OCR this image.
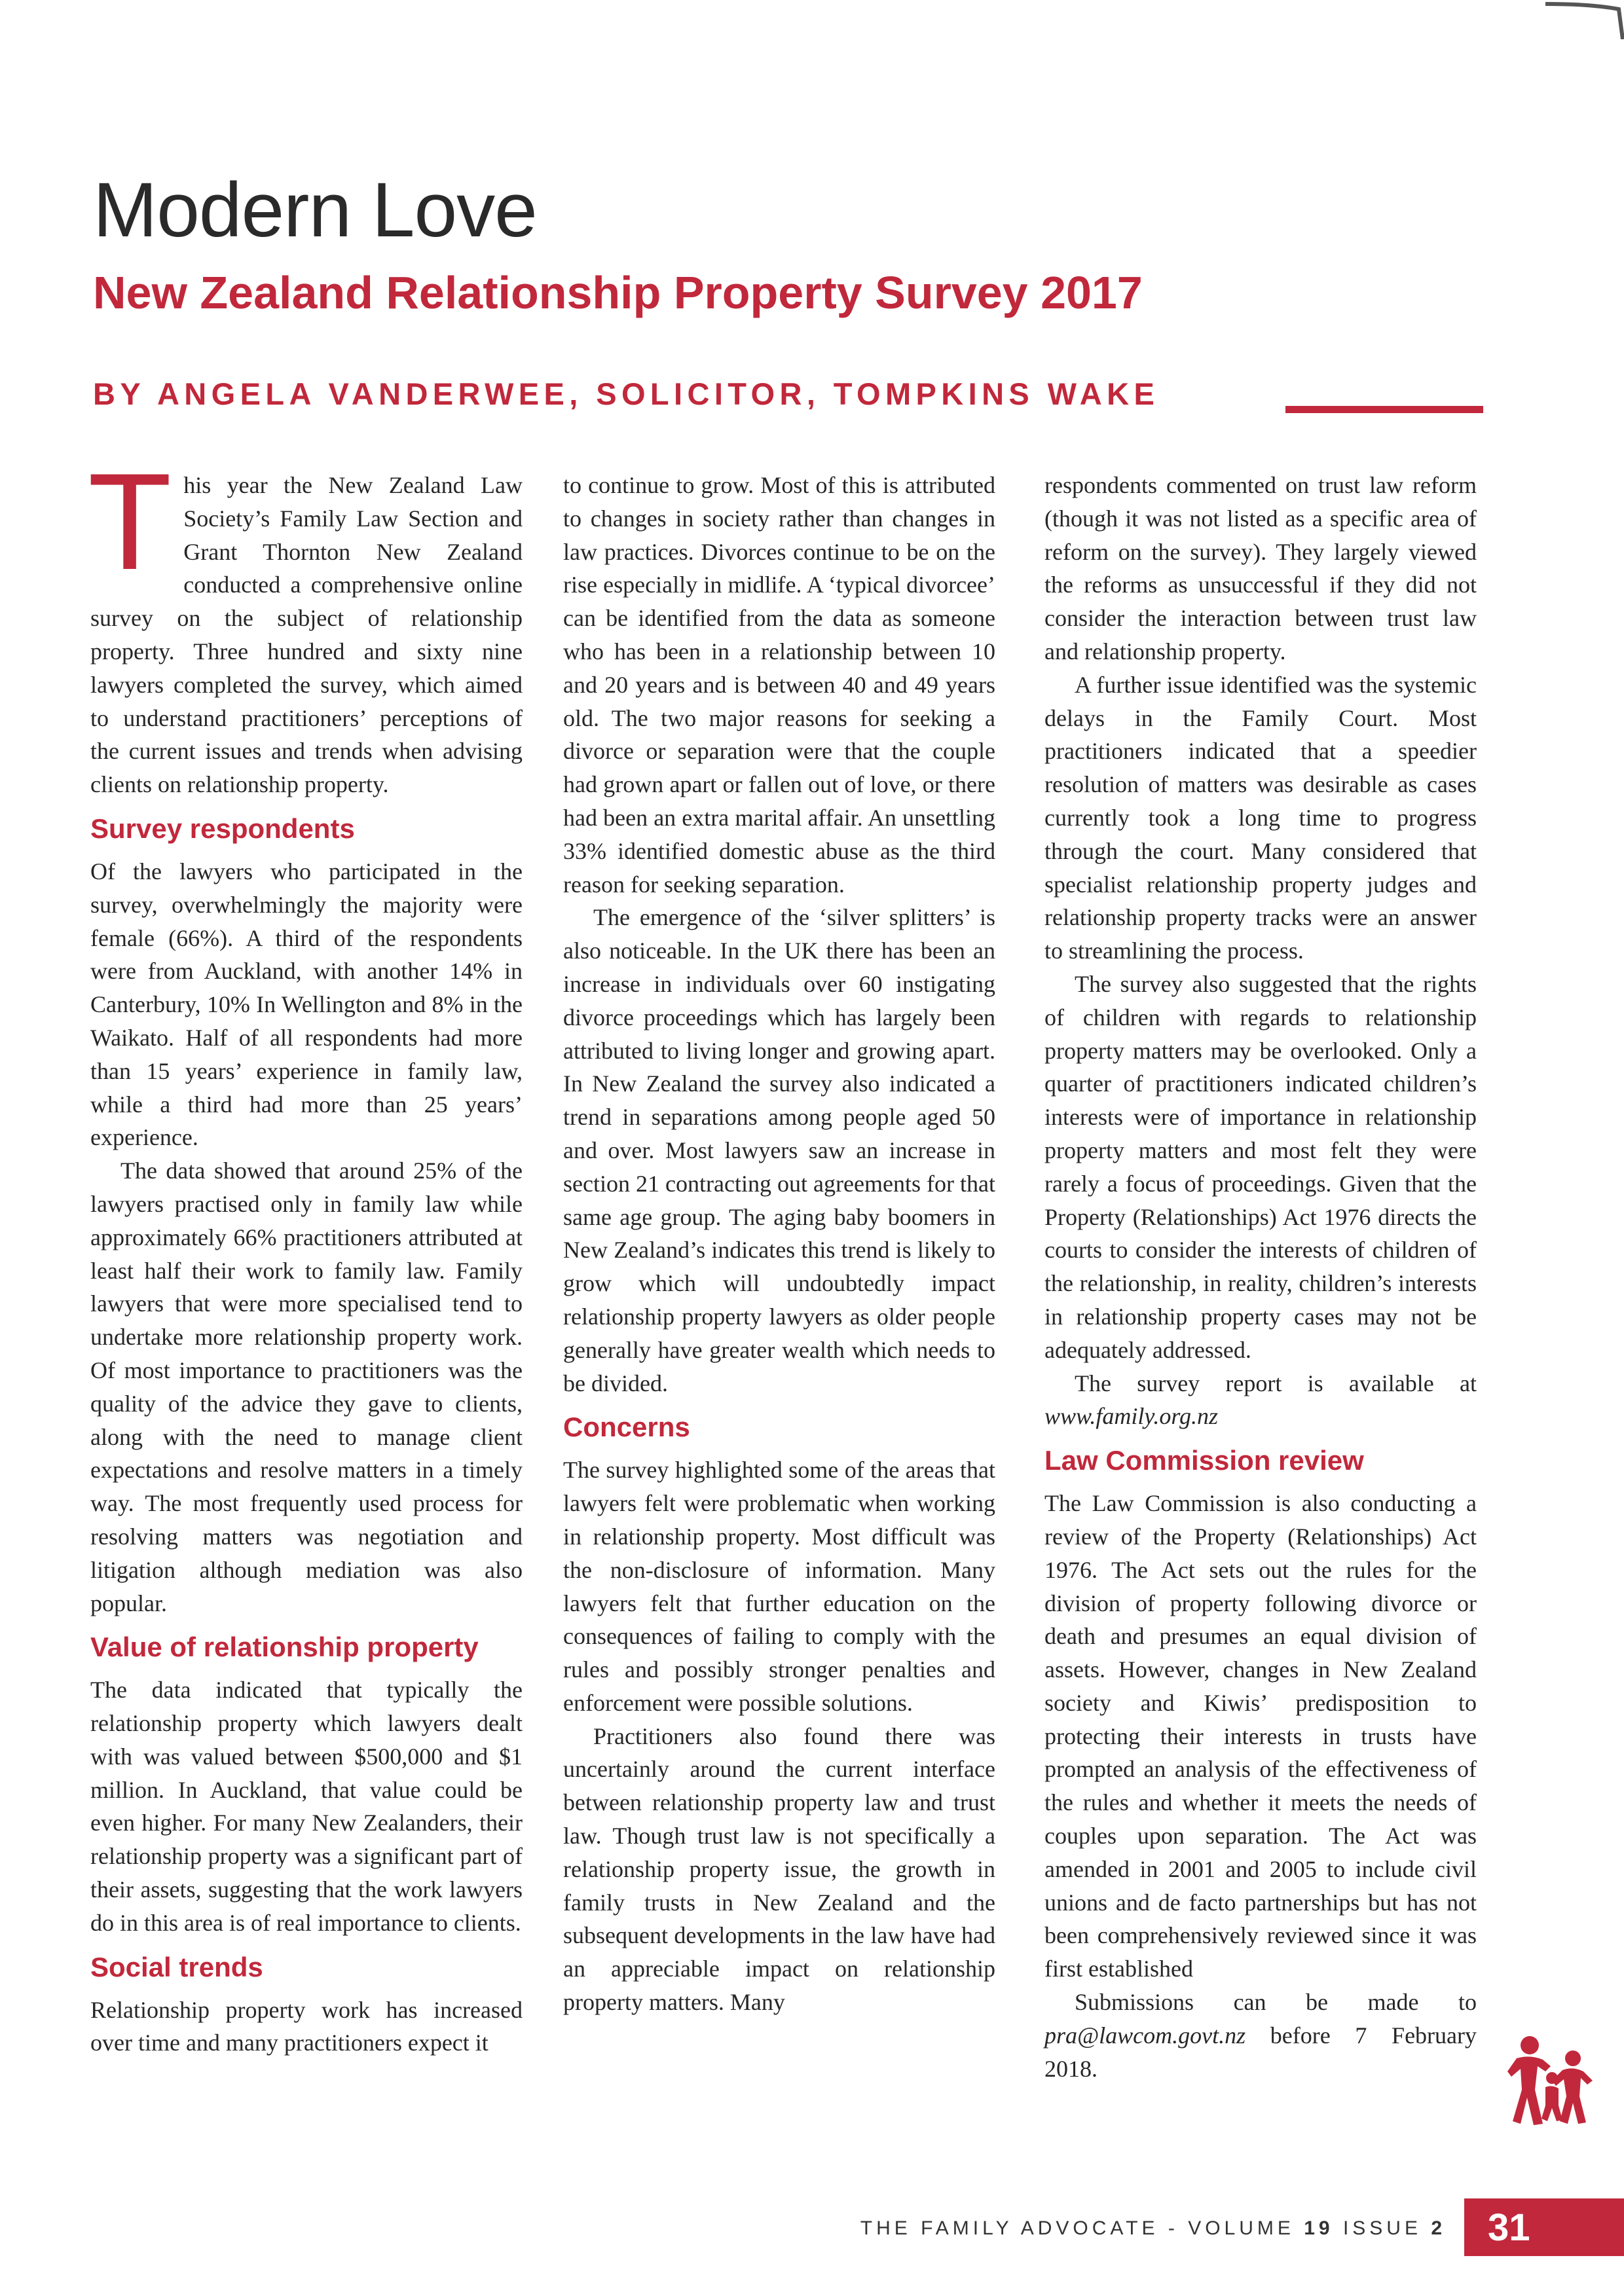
Modern Love
New Zealand Relationship Property Survey 2017
BY ANGELA VANDERWEE, SOLICITOR, TOMPKINS WAKE

This year the New Zealand Law Society’s Family Law Section and Grant Thornton New Zealand conducted a comprehensive online survey on the subject of relationship property. Three hundred and sixty nine lawyers completed the survey, which aimed to understand practitioners’ perceptions of the current issues and trends when advising clients on relationship property.

Survey respondents

Of the lawyers who participated in the survey, overwhelmingly the majority were female (66%). A third of the respondents were from Auckland, with another 14% in Canterbury, 10% In Wellington and 8% in the Waikato. Half of all respondents had more than 15 years’ experience in family law, while a third had more than 25 years’ experience.

The data showed that around 25% of the lawyers practised only in family law while approximately 66% practitioners attributed at least half their work to family law. Family lawyers that were more specialised tend to undertake more relationship property work. Of most importance to practitioners was the quality of the advice they gave to clients, along with the need to manage client expectations and resolve matters in a timely way. The most frequently used process for resolving matters was negotiation and litigation although mediation was also popular.

Value of relationship property

The data indicated that typically the relationship property which lawyers dealt with was valued between $500,000 and $1 million. In Auckland, that value could be even higher. For many New Zealanders, their relationship property was a significant part of their assets, suggesting that the work lawyers do in this area is of real importance to clients.

Social trends

Relationship property work has increased over time and many practitioners expect it

to continue to grow. Most of this is attributed to changes in society rather than changes in law practices. Divorces continue to be on the rise especially in midlife. A ‘typical divorcee’ can be identified from the data as someone who has been in a relationship between 10 and 20 years and is between 40 and 49 years old. The two major reasons for seeking a divorce or separation were that the couple had grown apart or fallen out of love, or there had been an extra marital affair. An unsettling 33% identified domestic abuse as the third reason for seeking separation.

The emergence of the ‘silver splitters’ is also noticeable. In the UK there has been an increase in individuals over 60 instigating divorce proceedings which has largely been attributed to living longer and growing apart. In New Zealand the survey also indicated a trend in separations among people aged 50 and over. Most lawyers saw an increase in section 21 contracting out agreements for that same age group. The aging baby boomers in New Zealand’s indicates this trend is likely to grow which will undoubtedly impact relationship property lawyers as older people generally have greater wealth which needs to be divided.

Concerns

The survey highlighted some of the areas that lawyers felt were problematic when working in relationship property. Most difficult was the non-disclosure of information. Many lawyers felt that further education on the consequences of failing to comply with the rules and possibly stronger penalties and enforcement were possible solutions.

Practitioners also found there was uncertainly around the current interface between relationship property law and trust law. Though trust law is not specifically a relationship property issue, the growth in family trusts in New Zealand and the subsequent developments in the law have had an appreciable impact on relationship property matters. Many

respondents commented on trust law reform (though it was not listed as a specific area of reform on the survey). They largely viewed the reforms as unsuccessful if they did not consider the interaction between trust law and relationship property.

A further issue identified was the systemic delays in the Family Court. Most practitioners indicated that a speedier resolution of matters was desirable as cases currently took a long time to progress through the court. Many considered that specialist relationship property judges and relationship property tracks were an answer to streamlining the process.

The survey also suggested that the rights of children with regards to relationship property matters may be overlooked. Only a quarter of practitioners indicated children’s interests were of importance in relationship property matters and most felt they were rarely a focus of proceedings. Given that the Property (Relationships) Act 1976 directs the courts to consider the interests of children of the relationship, in reality, children’s interests in relationship property cases may not be adequately addressed.

The survey report is available at www.family.org.nz

Law Commission review

The Law Commission is also conducting a review of the Property (Relationships) Act 1976. The Act sets out the rules for the division of property following divorce or death and presumes an equal division of assets. However, changes in New Zealand society and Kiwis’ predisposition to protecting their interests in trusts have prompted an analysis of the effectiveness of the rules and whether it meets the needs of couples upon separation. The Act was amended in 2001 and 2005 to include civil unions and de facto partnerships but has not been comprehensively reviewed since it was first established

Submissions can be made to pra@lawcom.govt.nz before 7 February 2018.

THE FAMILY ADVOCATE - VOLUME 19 ISSUE 2	31
